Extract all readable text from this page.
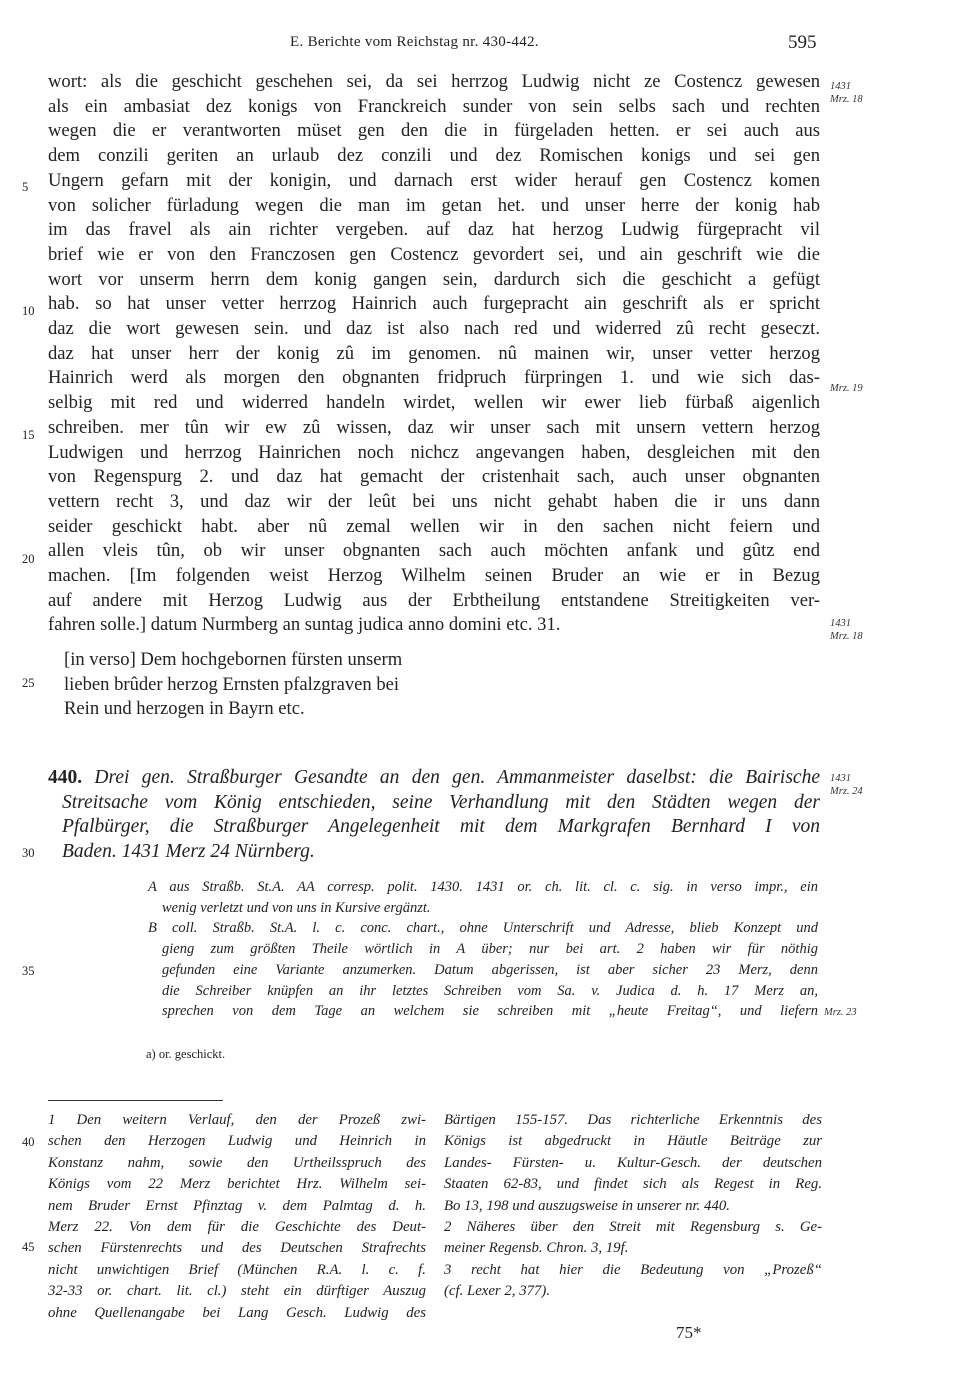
E. Berichte vom Reichstag nr. 430-442.	595

wort: als die geschicht geschehen sei, da sei herrzog Ludwig nicht ze Costencz gewesen

als ein ambasiat dez konigs von Franckreich sunder von sein selbs sach und rechten

wegen die er verantworten müset gen den die in fürgeladen hetten. er sei auch aus

dem conzili geriten an urlaub dez conzili und dez Romischen konigs und sei gen

Ungern gefarn mit der konigin, und darnach erst wider herauf gen Costencz komen

von solicher fürladung wegen die man im getan het. und unser herre der konig hab

im das fravel als ain richter vergeben. auf daz hat herzog Ludwig fürgepracht vil

brief wie er von den Franczosen gen Costencz gevordert sei, und ain geschrift wie die

wort vor unserm herrn dem konig gangen sein, dardurch sich die geschicht a gefügt

hab. so hat unser vetter herrzog Hainrich auch furgepracht ain geschrift als er spricht

daz die wort gewesen sein. und daz ist also nach red und widerred zû recht geseczt.

daz hat unser herr der konig zû im genomen. nû mainen wir, unser vetter herzog

Hainrich werd als morgen den obgnanten fridpruch fürpringen 1. und wie sich das-

selbig mit red und widerred handeln wirdet, wellen wir ewer lieb fürbaß aigenlich

schreiben. mer tûn wir ew zû wissen, daz wir unser sach mit unsern vettern herzog

Ludwigen und herrzog Hainrichen noch nichcz angevangen haben, desgleichen mit den

von Regenspurg 2. und daz hat gemacht der cristenhait sach, auch unser obgnanten

vettern recht 3, und daz wir der leût bei uns nicht gehabt haben die ir uns dann

seider geschickt habt. aber nû zemal wellen wir in den sachen nicht feiern und

allen vleis tûn, ob wir unser obgnanten sach auch möchten anfank und gûtz end

machen. [Im folgenden weist Herzog Wilhelm seinen Bruder an wie er in Bezug

auf andere mit Herzog Ludwig aus der Erbtheilung entstandene Streitigkeiten ver-

fahren solle.] datum Nurmberg an suntag judica anno domini etc. 31.

[in verso] Dem hochgebornen fürsten unserm

lieben brûder herzog Ernsten pfalzgraven bei

Rein und herzogen in Bayrn etc.

5
10
15
20
25
30
35
40
45
1431
Mrz. 18
Mrz. 19
1431
Mrz. 18
1431
Mrz. 24
Mrz. 23

440. Drei gen. Straßburger Gesandte an den gen. Ammanmeister daselbst: die Bairische

Streitsache vom König entschieden, seine Verhandlung mit den Städten wegen der

Pfalbürger, die Straßburger Angelegenheit mit dem Markgrafen Bernhard I von

Baden. 1431 Merz 24 Nürnberg.

A aus Straßb. St.A. AA corresp. polit. 1430. 1431 or. ch. lit. cl. c. sig. in verso impr., ein

wenig verletzt und von uns in Kursive ergänzt.

B coll. Straßb. St.A. l. c. conc. chart., ohne Unterschrift und Adresse, blieb Konzept und

gieng zum größten Theile wörtlich in A über; nur bei art. 2 haben wir für nöthig

gefunden eine Variante anzumerken. Datum abgerissen, ist aber sicher 23 Merz, denn

die Schreiber knüpfen an ihr letztes Schreiben vom Sa. v. Judica d. h. 17 Merz an,

sprechen von dem Tage an welchem sie schreiben mit „heute Freitag“, und liefern

a) or. geschickt.

1 Den weitern Verlauf, den der Prozeß zwi-

schen den Herzogen Ludwig und Heinrich in

Konstanz nahm, sowie den Urtheilsspruch des

Königs vom 22 Merz berichtet Hrz. Wilhelm sei-

nem Bruder Ernst Pfinztag v. dem Palmtag d. h.

Merz 22. Von dem für die Geschichte des Deut-

schen Fürstenrechts und des Deutschen Strafrechts

nicht unwichtigen Brief (München R.A. l. c. f.

32-33 or. chart. lit. cl.) steht ein dürftiger Auszug

ohne Quellenangabe bei Lang Gesch. Ludwig des

Bärtigen 155-157. Das richterliche Erkenntnis des

Königs ist abgedruckt in Häutle Beiträge zur

Landes- Fürsten- u. Kultur-Gesch. der deutschen

Staaten 62-83, und findet sich als Regest in Reg.

Bo 13, 198 und auszugsweise in unserer nr. 440.

2 Näheres über den Streit mit Regensburg s. Ge-

meiner Regensb. Chron. 3, 19f.

3 recht hat hier die Bedeutung von „Prozeß“

(cf. Lexer 2, 377).

75*
